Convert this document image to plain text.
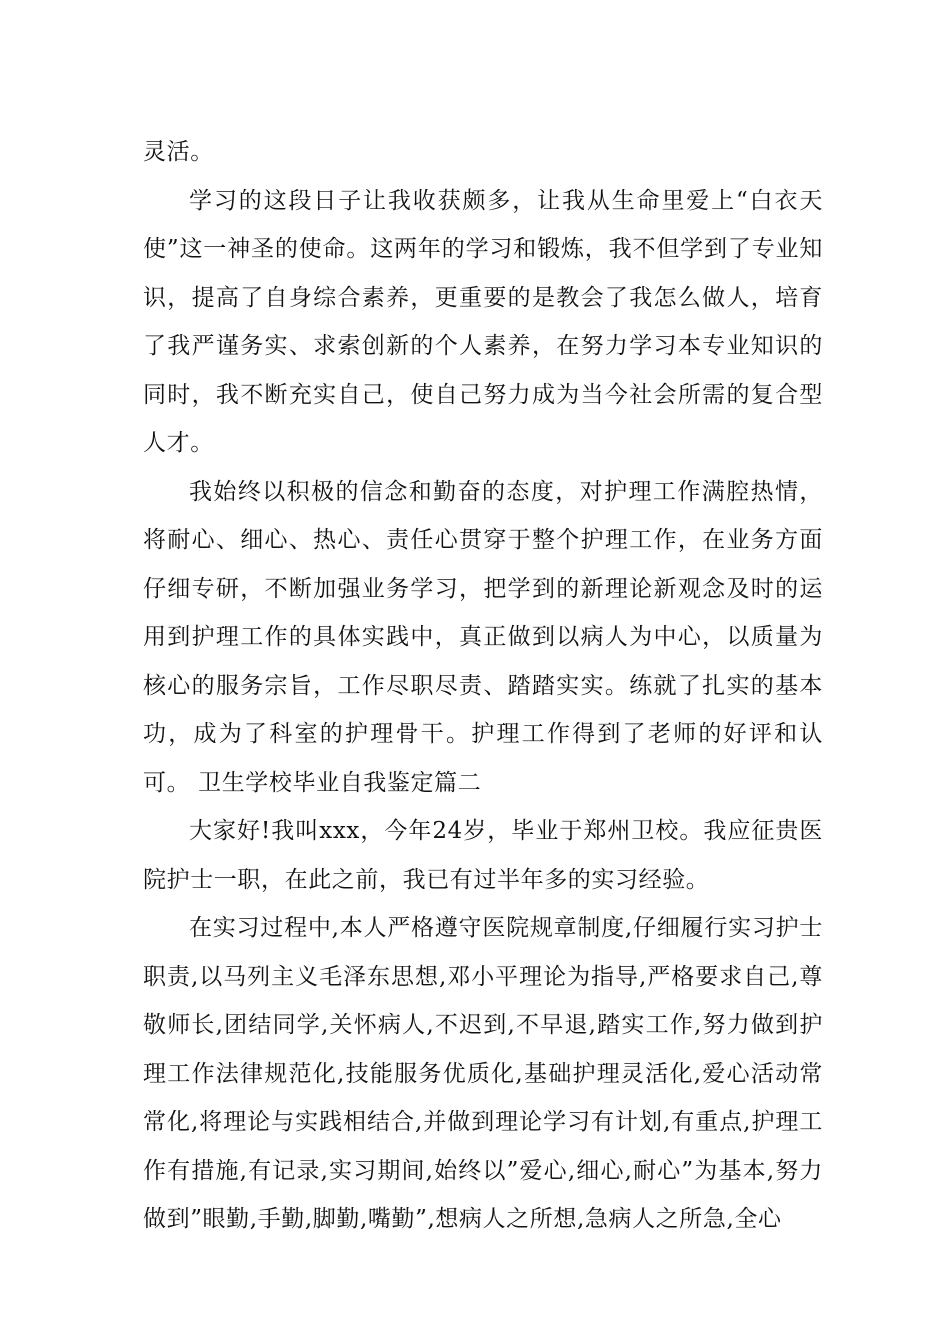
灵活。

学习的这段日子让我收获颇多，让我从生命里爱上“白衣天使”这一神圣的使命。这两年的学习和锻炼，我不但学到了专业知识，提高了自身综合素养，更重要的是教会了我怎么做人，培育了我严谨务实、求索创新的个人素养，在努力学习本专业知识的同时，我不断充实自己，使自己努力成为当今社会所需的复合型人才。

我始终以积极的信念和勤奋的态度，对护理工作满腔热情，将耐心、细心、热心、责任心贯穿于整个护理工作，在业务方面仔细专研，不断加强业务学习，把学到的新理论新观念及时的运用到护理工作的具体实践中，真正做到以病人为中心，以质量为核心的服务宗旨，工作尽职尽责、踏踏实实。练就了扎实的基本功，成为了科室的护理骨干。护理工作得到了老师的好评和认可。 卫生学校毕业自我鉴定篇二

大家好!我叫xxx，今年24岁，毕业于郑州卫校。我应征贵医院护士一职，在此之前，我已有过半年多的实习经验。

在实习过程中,本人严格遵守医院规章制度,仔细履行实习护士职责,以马列主义毛泽东思想,邓小平理论为指导,严格要求自己,尊敬师长,团结同学,关怀病人,不迟到,不早退,踏实工作,努力做到护理工作法律规范化,技能服务优质化,基础护理灵活化,爱心活动常常化,将理论与实践相结合,并做到理论学习有计划,有重点,护理工作有措施,有记录,实习期间,始终以”爱心,细心,耐心”为基本,努力做到”眼勤,手勤,脚勤,嘴勤”,想病人之所想,急病人之所急,全心
